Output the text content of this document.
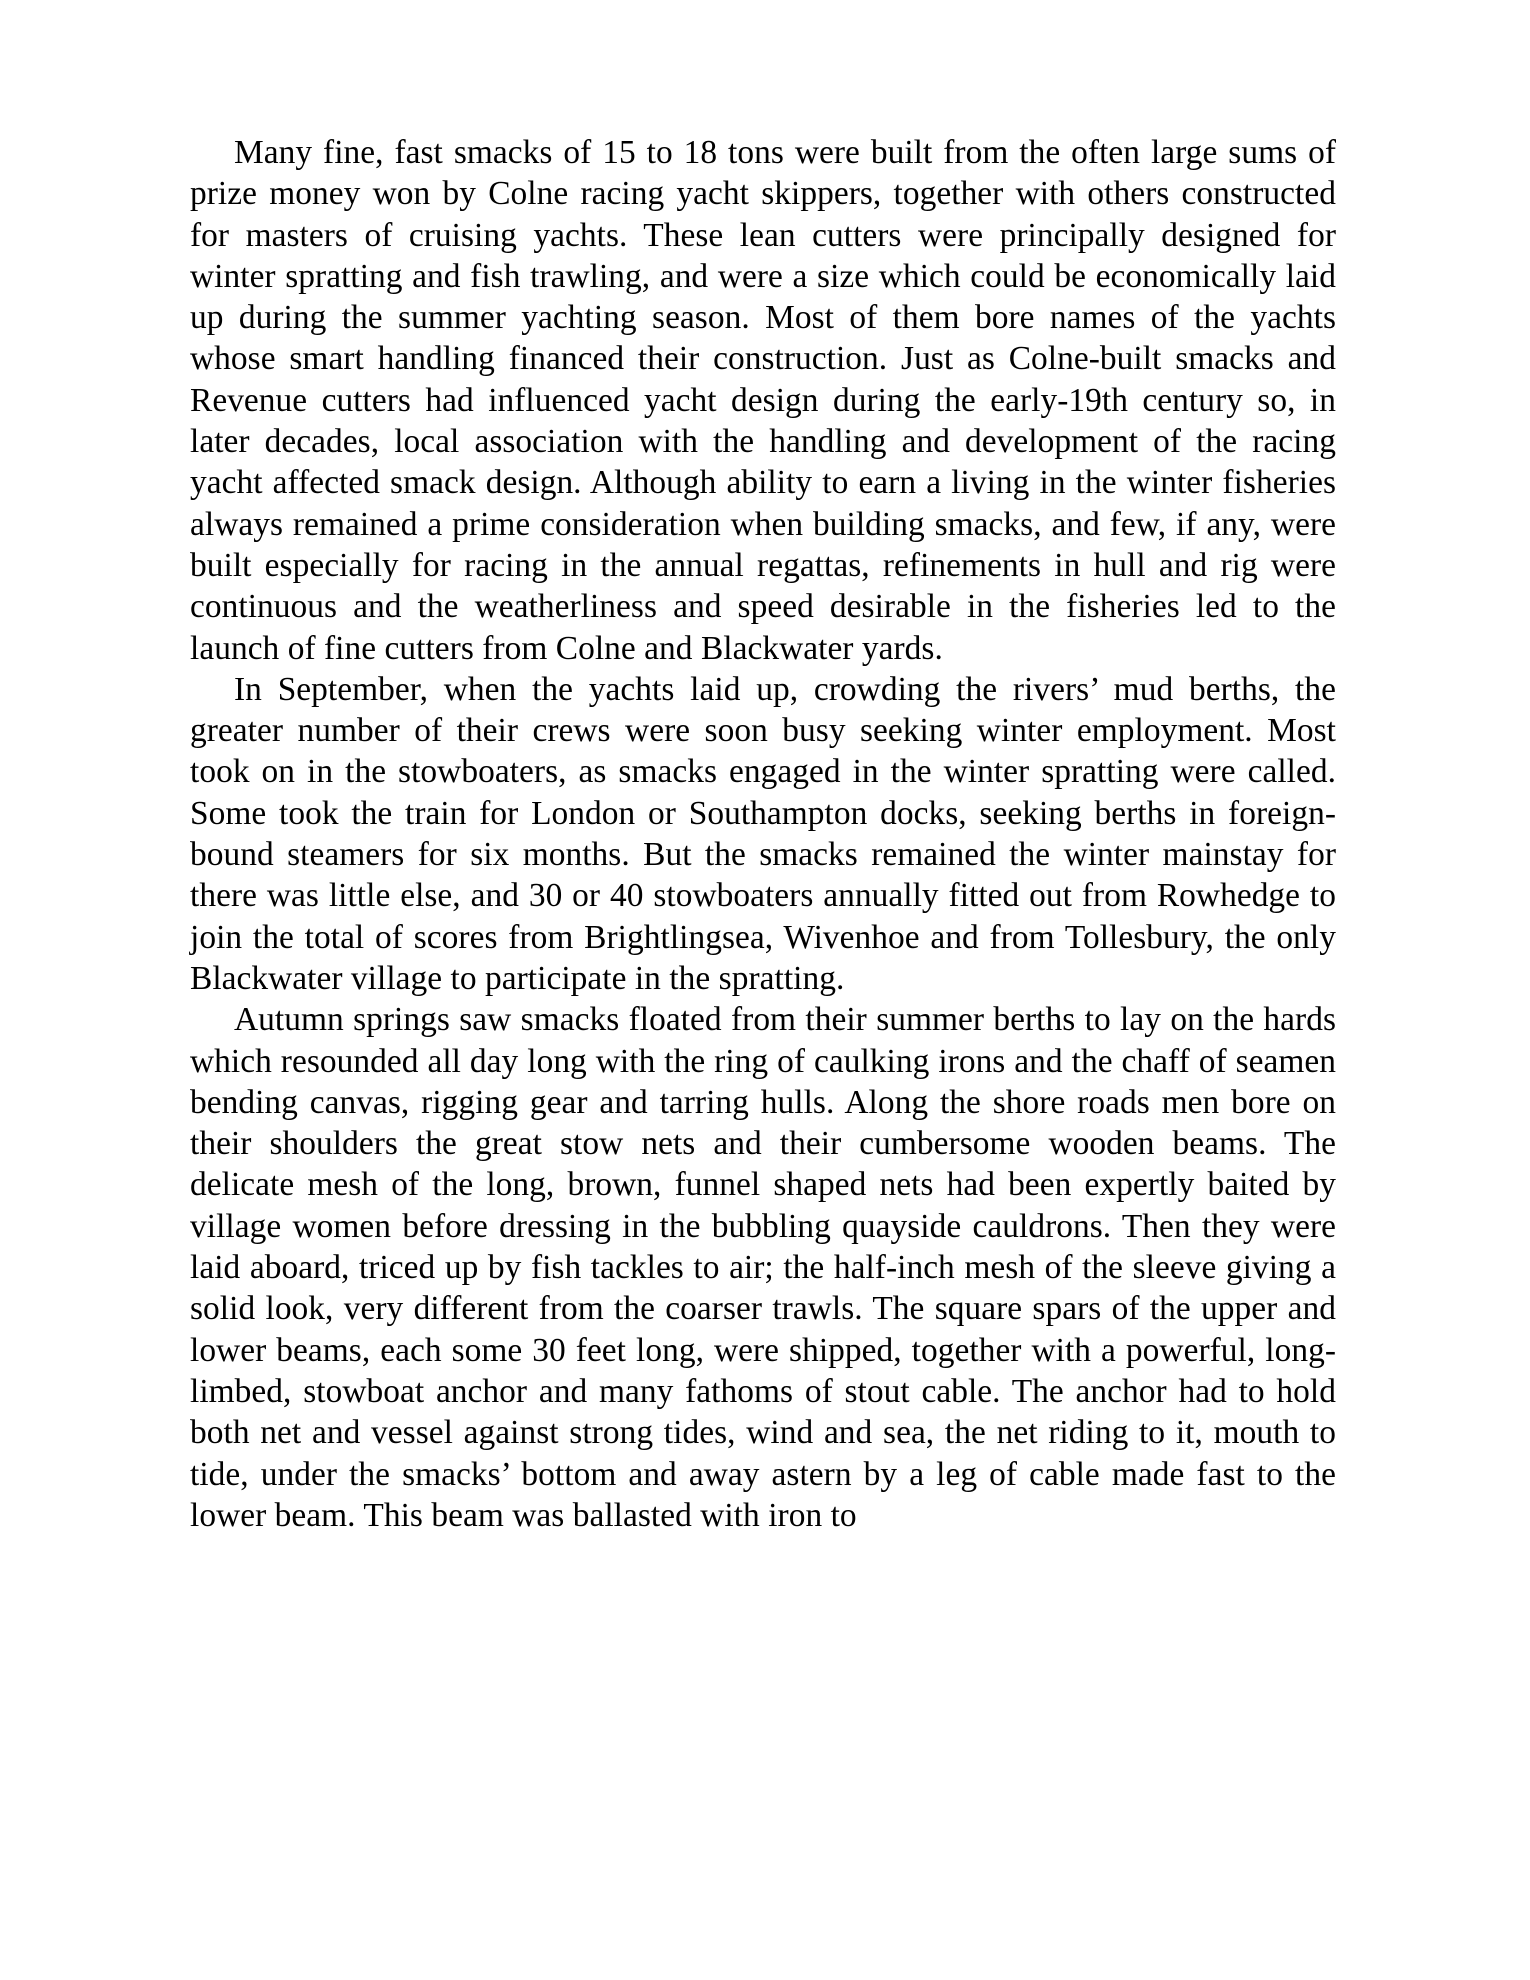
Many fine, fast smacks of 15 to 18 tons were built from the often large sums of prize money won by Colne racing yacht skippers, together with others constructed for masters of cruising yachts. These lean cutters were principally designed for winter spratting and fish trawling, and were a size which could be economically laid up during the summer yachting season. Most of them bore names of the yachts whose smart handling financed their construction. Just as Colne-built smacks and Revenue cutters had influenced yacht design during the early-19th century so, in later decades, local association with the handling and development of the racing yacht affected smack design. Although ability to earn a living in the winter fisheries always remained a prime consideration when building smacks, and few, if any, were built especially for racing in the annual regattas, refinements in hull and rig were continuous and the weatherliness and speed desirable in the fisheries led to the launch of fine cutters from Colne and Blackwater yards.

In September, when the yachts laid up, crowding the rivers’ mud berths, the greater number of their crews were soon busy seeking winter employment. Most took on in the stowboaters, as smacks engaged in the winter spratting were called. Some took the train for London or Southampton docks, seeking berths in foreign-bound steamers for six months. But the smacks remained the winter mainstay for there was little else, and 30 or 40 stowboaters annually fitted out from Rowhedge to join the total of scores from Brightlingsea, Wivenhoe and from Tollesbury, the only Blackwater village to participate in the spratting.

Autumn springs saw smacks floated from their summer berths to lay on the hards which resounded all day long with the ring of caulking irons and the chaff of seamen bending canvas, rigging gear and tarring hulls. Along the shore roads men bore on their shoulders the great stow nets and their cumbersome wooden beams. The delicate mesh of the long, brown, funnel shaped nets had been expertly baited by village women before dressing in the bubbling quayside cauldrons. Then they were laid aboard, triced up by fish tackles to air; the half-inch mesh of the sleeve giving a solid look, very different from the coarser trawls. The square spars of the upper and lower beams, each some 30 feet long, were shipped, together with a powerful, long-limbed, stowboat anchor and many fathoms of stout cable. The anchor had to hold both net and vessel against strong tides, wind and sea, the net riding to it, mouth to tide, under the smacks’ bottom and away astern by a leg of cable made fast to the lower beam. This beam was ballasted with iron to
